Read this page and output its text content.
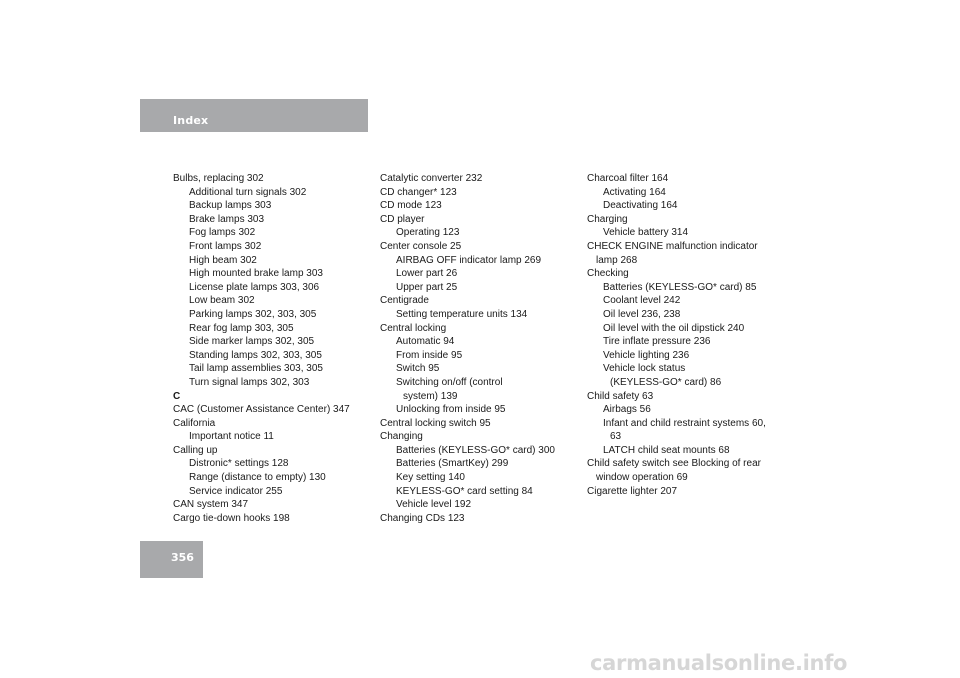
Index
Bulbs, replacing 302
Additional turn signals 302
Backup lamps 303
Brake lamps 303
Fog lamps 302
Front lamps 302
High beam 302
High mounted brake lamp 303
License plate lamps 303, 306
Low beam 302
Parking lamps 302, 303, 305
Rear fog lamp 303, 305
Side marker lamps 302, 305
Standing lamps 302, 303, 305
Tail lamp assemblies 303, 305
Turn signal lamps 302, 303
C
CAC (Customer Assistance Center) 347
California
Important notice 11
Calling up
Distronic* settings 128
Range (distance to empty) 130
Service indicator 255
CAN system 347
Cargo tie-down hooks 198
Catalytic converter 232
CD changer* 123
CD mode 123
CD player
Operating 123
Center console 25
AIRBAG OFF indicator lamp 269
Lower part 26
Upper part 25
Centigrade
Setting temperature units 134
Central locking
Automatic 94
From inside 95
Switch 95
Switching on/off (control
system) 139
Unlocking from inside 95
Central locking switch 95
Changing
Batteries (KEYLESS-GO* card) 300
Batteries (SmartKey) 299
Key setting 140
KEYLESS-GO* card setting 84
Vehicle level 192
Changing CDs 123
Charcoal filter 164
Activating 164
Deactivating 164
Charging
Vehicle battery 314
CHECK ENGINE malfunction indicator
lamp 268
Checking
Batteries (KEYLESS-GO* card) 85
Coolant level 242
Oil level 236, 238
Oil level with the oil dipstick 240
Tire inflate pressure 236
Vehicle lighting 236
Vehicle lock status
(KEYLESS-GO* card) 86
Child safety 63
Airbags 56
Infant and child restraint systems 60,
63
LATCH child seat mounts 68
Child safety switch see Blocking of rear
window operation 69
Cigarette lighter 207
356
carmanualsonline.info
